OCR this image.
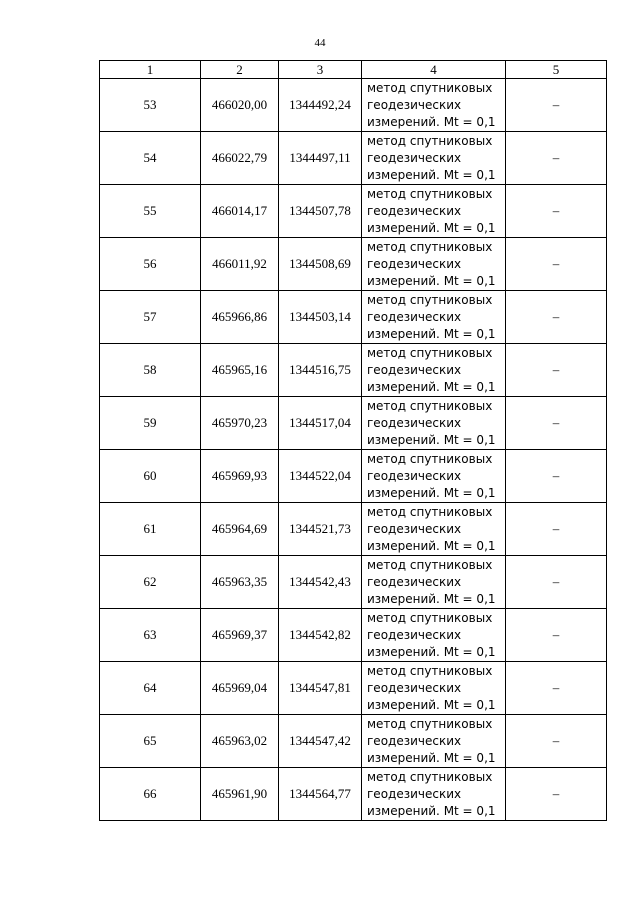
44
1	2	3	4	5
53	466020,00	1344492,24	метод спутниковых
геодезических
измерений. Mt = 0,1	–
54	466022,79	1344497,11	метод спутниковых
геодезических
измерений. Mt = 0,1	–
55	466014,17	1344507,78	метод спутниковых
геодезических
измерений. Mt = 0,1	–
56	466011,92	1344508,69	метод спутниковых
геодезических
измерений. Mt = 0,1	–
57	465966,86	1344503,14	метод спутниковых
геодезических
измерений. Mt = 0,1	–
58	465965,16	1344516,75	метод спутниковых
геодезических
измерений. Mt = 0,1	–
59	465970,23	1344517,04	метод спутниковых
геодезических
измерений. Mt = 0,1	–
60	465969,93	1344522,04	метод спутниковых
геодезических
измерений. Mt = 0,1	–
61	465964,69	1344521,73	метод спутниковых
геодезических
измерений. Mt = 0,1	–
62	465963,35	1344542,43	метод спутниковых
геодезических
измерений. Mt = 0,1	–
63	465969,37	1344542,82	метод спутниковых
геодезических
измерений. Mt = 0,1	–
64	465969,04	1344547,81	метод спутниковых
геодезических
измерений. Mt = 0,1	–
65	465963,02	1344547,42	метод спутниковых
геодезических
измерений. Mt = 0,1	–
66	465961,90	1344564,77	метод спутниковых
геодезических
измерений. Mt = 0,1	–
